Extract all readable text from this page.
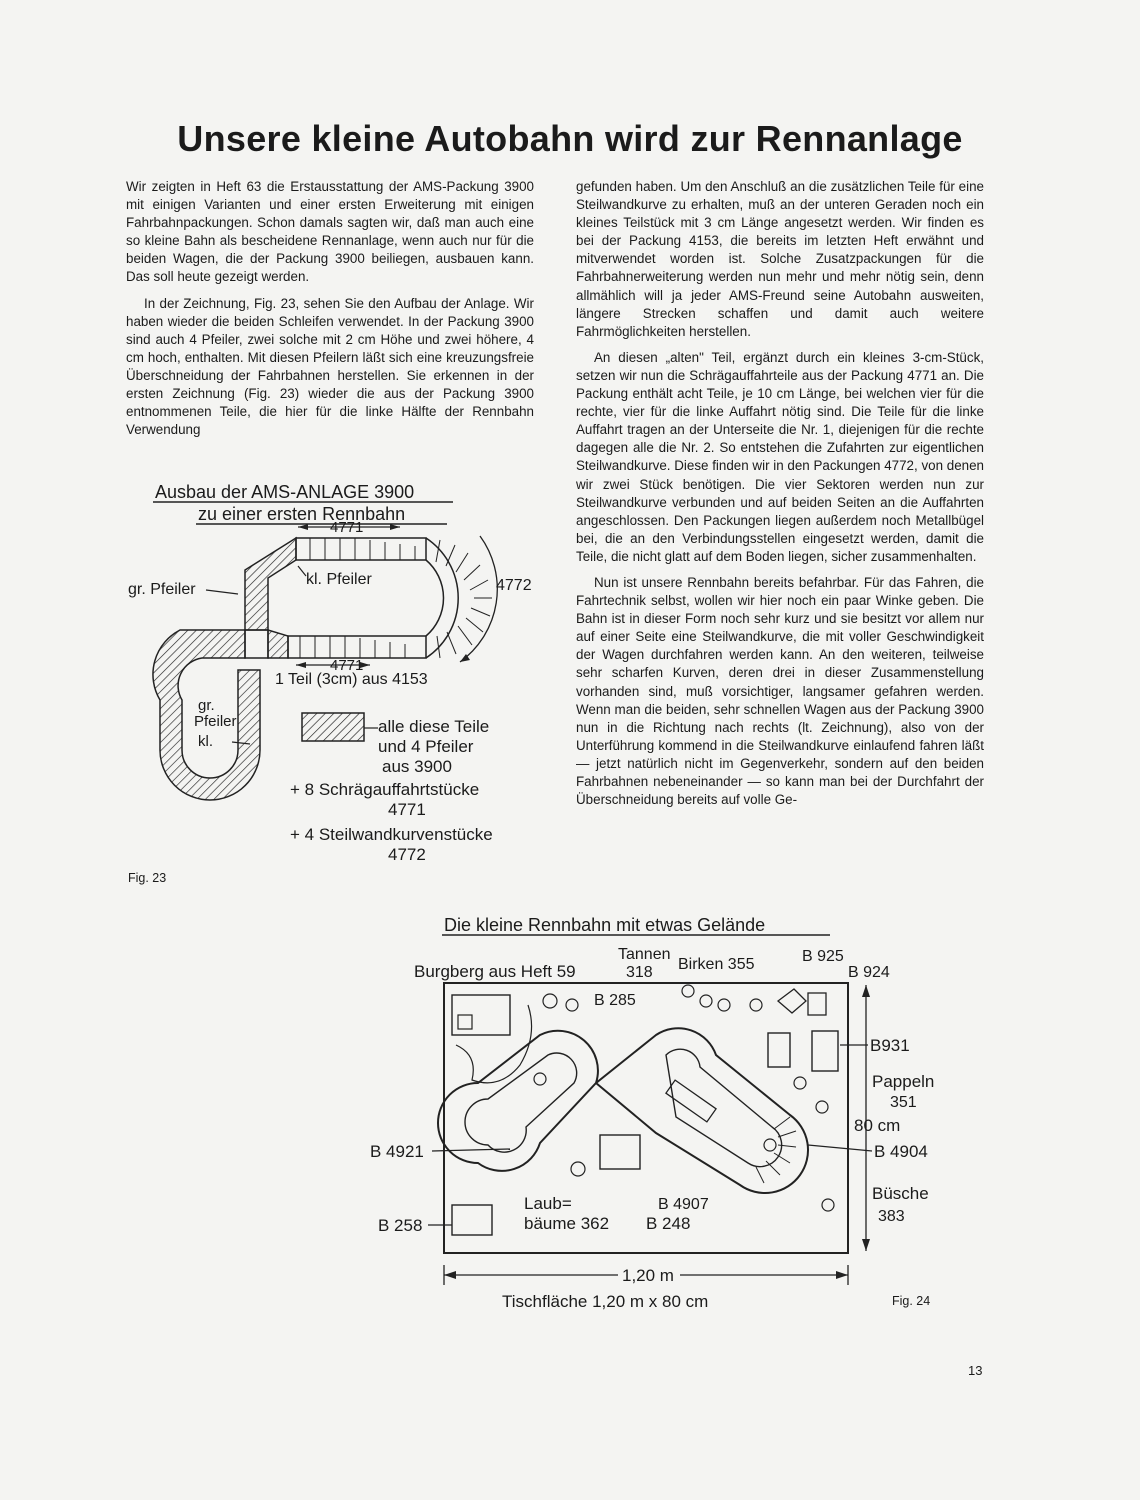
Unsere kleine Autobahn wird zur Rennanlage

Wir zeigten in Heft 63 die Erstausstattung der AMS-Packung 3900 mit einigen Varianten und einer ersten Erweiterung mit einigen Fahrbahnpackungen. Schon damals sagten wir, daß man auch eine so kleine Bahn als bescheidene Rennanlage, wenn auch nur für die beiden Wagen, die der Packung 3900 beiliegen, ausbauen kann. Das soll heute gezeigt werden.

In der Zeichnung, Fig. 23, sehen Sie den Aufbau der Anlage. Wir haben wieder die beiden Schleifen verwendet. In der Packung 3900 sind auch 4 Pfeiler, zwei solche mit 2 cm Höhe und zwei höhere, 4 cm hoch, enthalten. Mit diesen Pfeilern läßt sich eine kreuzungsfreie Überschneidung der Fahrbahnen herstellen. Sie erkennen in der ersten Zeichnung (Fig. 23) wieder die aus der Packung 3900 entnommenen Teile, die hier für die linke Hälfte der Rennbahn Verwendung

gefunden haben. Um den Anschluß an die zusätzlichen Teile für eine Steilwandkurve zu erhalten, muß an der unteren Geraden noch ein kleines Teilstück mit 3 cm Länge angesetzt werden. Wir finden es bei der Packung 4153, die bereits im letzten Heft erwähnt und mitverwendet worden ist. Solche Zusatzpackungen für die Fahrbahnerweiterung werden nun mehr und mehr nötig sein, denn allmählich will ja jeder AMS-Freund seine Autobahn ausweiten, längere Strecken schaffen und damit auch weitere Fahrmöglichkeiten herstellen.

An diesen „alten" Teil, ergänzt durch ein kleines 3-cm-Stück, setzen wir nun die Schrägauffahrteile aus der Packung 4771 an. Die Packung enthält acht Teile, je 10 cm Länge, bei welchen vier für die rechte, vier für die linke Auffahrt nötig sind. Die Teile für die linke Auffahrt tragen an der Unterseite die Nr. 1, diejenigen für die rechte dagegen alle die Nr. 2. So entstehen die Zufahrten zur eigentlichen Steilwandkurve. Diese finden wir in den Packungen 4772, von denen wir zwei Stück benötigen. Die vier Sektoren werden nun zur Steilwandkurve verbunden und auf beiden Seiten an die Auffahrten angeschlossen. Den Packungen liegen außerdem noch Metallbügel bei, die an den Verbindungsstellen eingesetzt werden, damit die Teile, die nicht glatt auf dem Boden liegen, sicher zusammenhalten.

Nun ist unsere Rennbahn bereits befahrbar. Für das Fahren, die Fahrtechnik selbst, wollen wir hier noch ein paar Winke geben. Die Bahn ist in dieser Form noch sehr kurz und sie besitzt vor allem nur auf einer Seite eine Steilwandkurve, die mit voller Geschwindigkeit der Wagen durchfahren werden kann. An den weiteren, teilweise sehr scharfen Kurven, deren drei in dieser Zusammenstellung vorhanden sind, muß vorsichtiger, langsamer gefahren werden. Wenn man die beiden, sehr schnellen Wagen aus der Packung 3900 nun in die Richtung nach rechts (lt. Zeichnung), also von der Unterführung kommend in die Steilwandkurve einlaufend fahren läßt — jetzt natürlich nicht im Gegenverkehr, sondern auf den beiden Fahrbahnen nebeneinander — so kann man bei der Durchfahrt der Überschneidung bereits auf volle Ge-

Ausbau der AMS-ANLAGE 3900
zu einer ersten Rennbahn
4771
4772
4771
1 Teil (3cm) aus 4153
gr. Pfeiler
kl. Pfeiler
gr.
Pfeiler
kl.
alle diese Teile
und 4 Pfeiler
aus 3900
+ 8 Schrägauffahrtstücke
4771
+ 4 Steilwandkurvenstücke
4772
Fig. 23
Die kleine Rennbahn mit etwas Gelände
Tannen
318
Burgberg aus Heft 59	Birken 355	B 925
B 924
B 285
B931
Pappeln
351
80 cm
B 4904
Büsche
383
B 4921
B 258
Laub=
bäume 362 B 248
B 4907
1,20 m
Tischfläche 1,20 m x 80 cm	Fig. 24
13
